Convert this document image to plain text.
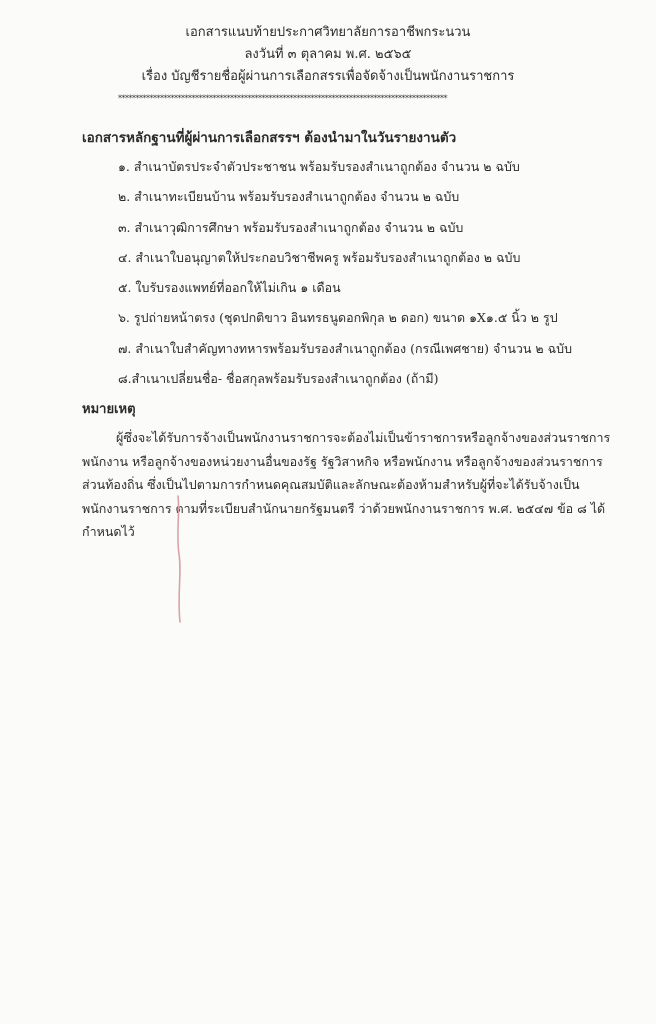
เอกสารแนบท้ายประกาศวิทยาลัยการอาชีพกระนวน
ลงวันที่ ๓ ตุลาคม พ.ศ. ๒๕๖๕
เรื่อง บัญชีรายชื่อผู้ผ่านการเลือกสรรเพื่อจัดจ้างเป็นพนักงานราชการ
**********************************************************************************************
เอกสารหลักฐานที่ผู้ผ่านการเลือกสรรฯ ต้องนำมาในวันรายงานตัว
๑. สำเนาบัตรประจำตัวประชาชน พร้อมรับรองสำเนาถูกต้อง จำนวน ๒ ฉบับ
๒. สำเนาทะเบียนบ้าน พร้อมรับรองสำเนาถูกต้อง จำนวน ๒ ฉบับ
๓. สำเนาวุฒิการศึกษา พร้อมรับรองสำเนาถูกต้อง จำนวน ๒ ฉบับ
๔. สำเนาใบอนุญาตให้ประกอบวิชาชีพครู พร้อมรับรองสำเนาถูกต้อง ๒ ฉบับ
๕. ใบรับรองแพทย์ที่ออกให้ไม่เกิน ๑ เดือน
๖. รูปถ่ายหน้าตรง (ชุดปกติขาว อินทรธนูดอกพิกุล ๒ ดอก) ขนาด ๑X๑.๕ นิ้ว ๒ รูป
๗. สำเนาใบสำคัญทางทหารพร้อมรับรองสำเนาถูกต้อง (กรณีเพศชาย) จำนวน ๒ ฉบับ
๘.สำเนาเปลี่ยนชื่อ- ชื่อสกุลพร้อมรับรองสำเนาถูกต้อง (ถ้ามี)
หมายเหตุ
ผู้ซึ่งจะได้รับการจ้างเป็นพนักงานราชการจะต้องไม่เป็นข้าราชการหรือลูกจ้างของส่วนราชการ
พนักงาน หรือลูกจ้างของหน่วยงานอื่นของรัฐ รัฐวิสาหกิจ หรือพนักงาน หรือลูกจ้างของส่วนราชการ
ส่วนท้องถิ่น ซึ่งเป็นไปตามการกำหนดคุณสมบัติและลักษณะต้องห้ามสำหรับผู้ที่จะได้รับจ้างเป็น
พนักงานราชการ ตามที่ระเบียบสำนักนายกรัฐมนตรี ว่าด้วยพนักงานราชการ พ.ศ. ๒๕๔๗ ข้อ ๘ ได้
กำหนดไว้
